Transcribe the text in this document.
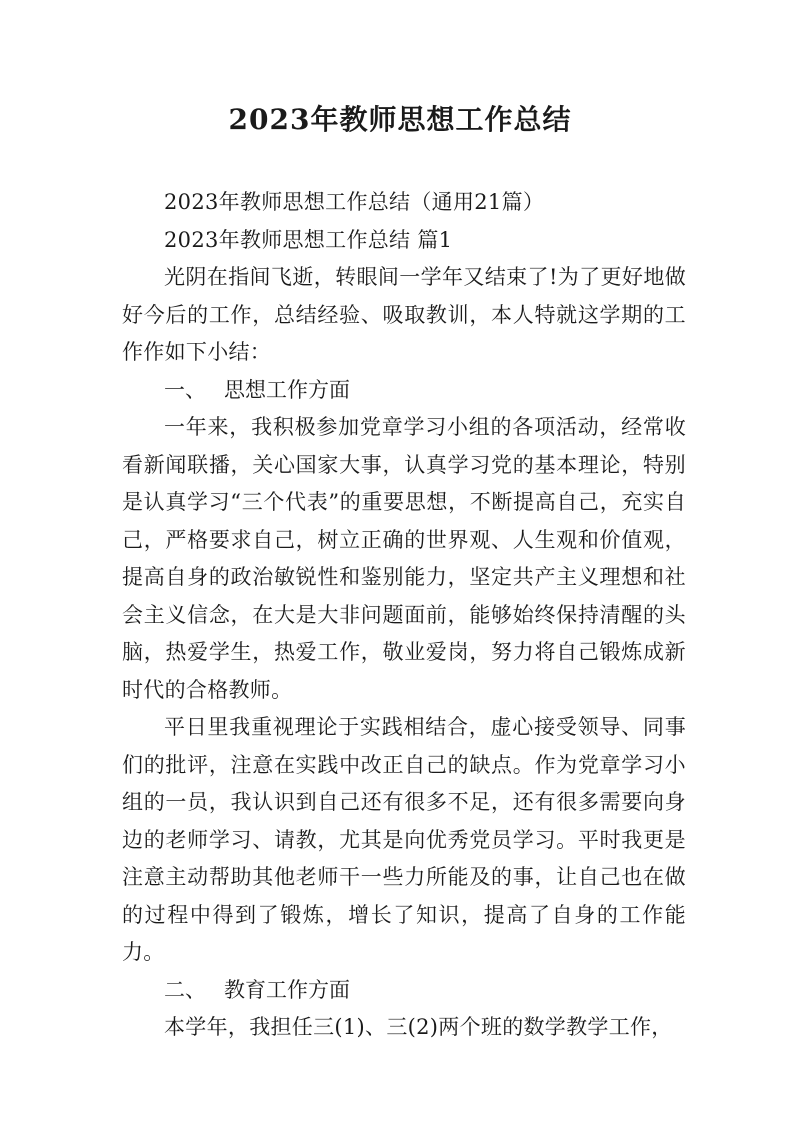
2023年教师思想工作总结

2023年教师思想工作总结（通用21篇）

2023年教师思想工作总结 篇1

光阴在指间飞逝，转眼间一学年又结束了!为了更好地做好今后的工作，总结经验、吸取教训，本人特就这学期的工作作如下小结：

一、 思想工作方面

一年来，我积极参加党章学习小组的各项活动，经常收看新闻联播，关心国家大事，认真学习党的基本理论，特别是认真学习“三个代表”的重要思想，不断提高自己，充实自己，严格要求自己，树立正确的世界观、人生观和价值观，提高自身的政治敏锐性和鉴别能力，坚定共产主义理想和社会主义信念，在大是大非问题面前，能够始终保持清醒的头脑，热爱学生，热爱工作，敬业爱岗，努力将自己锻炼成新时代的合格教师。

平日里我重视理论于实践相结合，虚心接受领导、同事们的批评，注意在实践中改正自己的缺点。作为党章学习小组的一员，我认识到自己还有很多不足，还有很多需要向身边的老师学习、请教，尤其是向优秀党员学习。平时我更是注意主动帮助其他老师干一些力所能及的事，让自己也在做的过程中得到了锻炼，增长了知识，提高了自身的工作能力。

二、 教育工作方面

本学年，我担任三(1)、三(2)两个班的数学教学工作，
